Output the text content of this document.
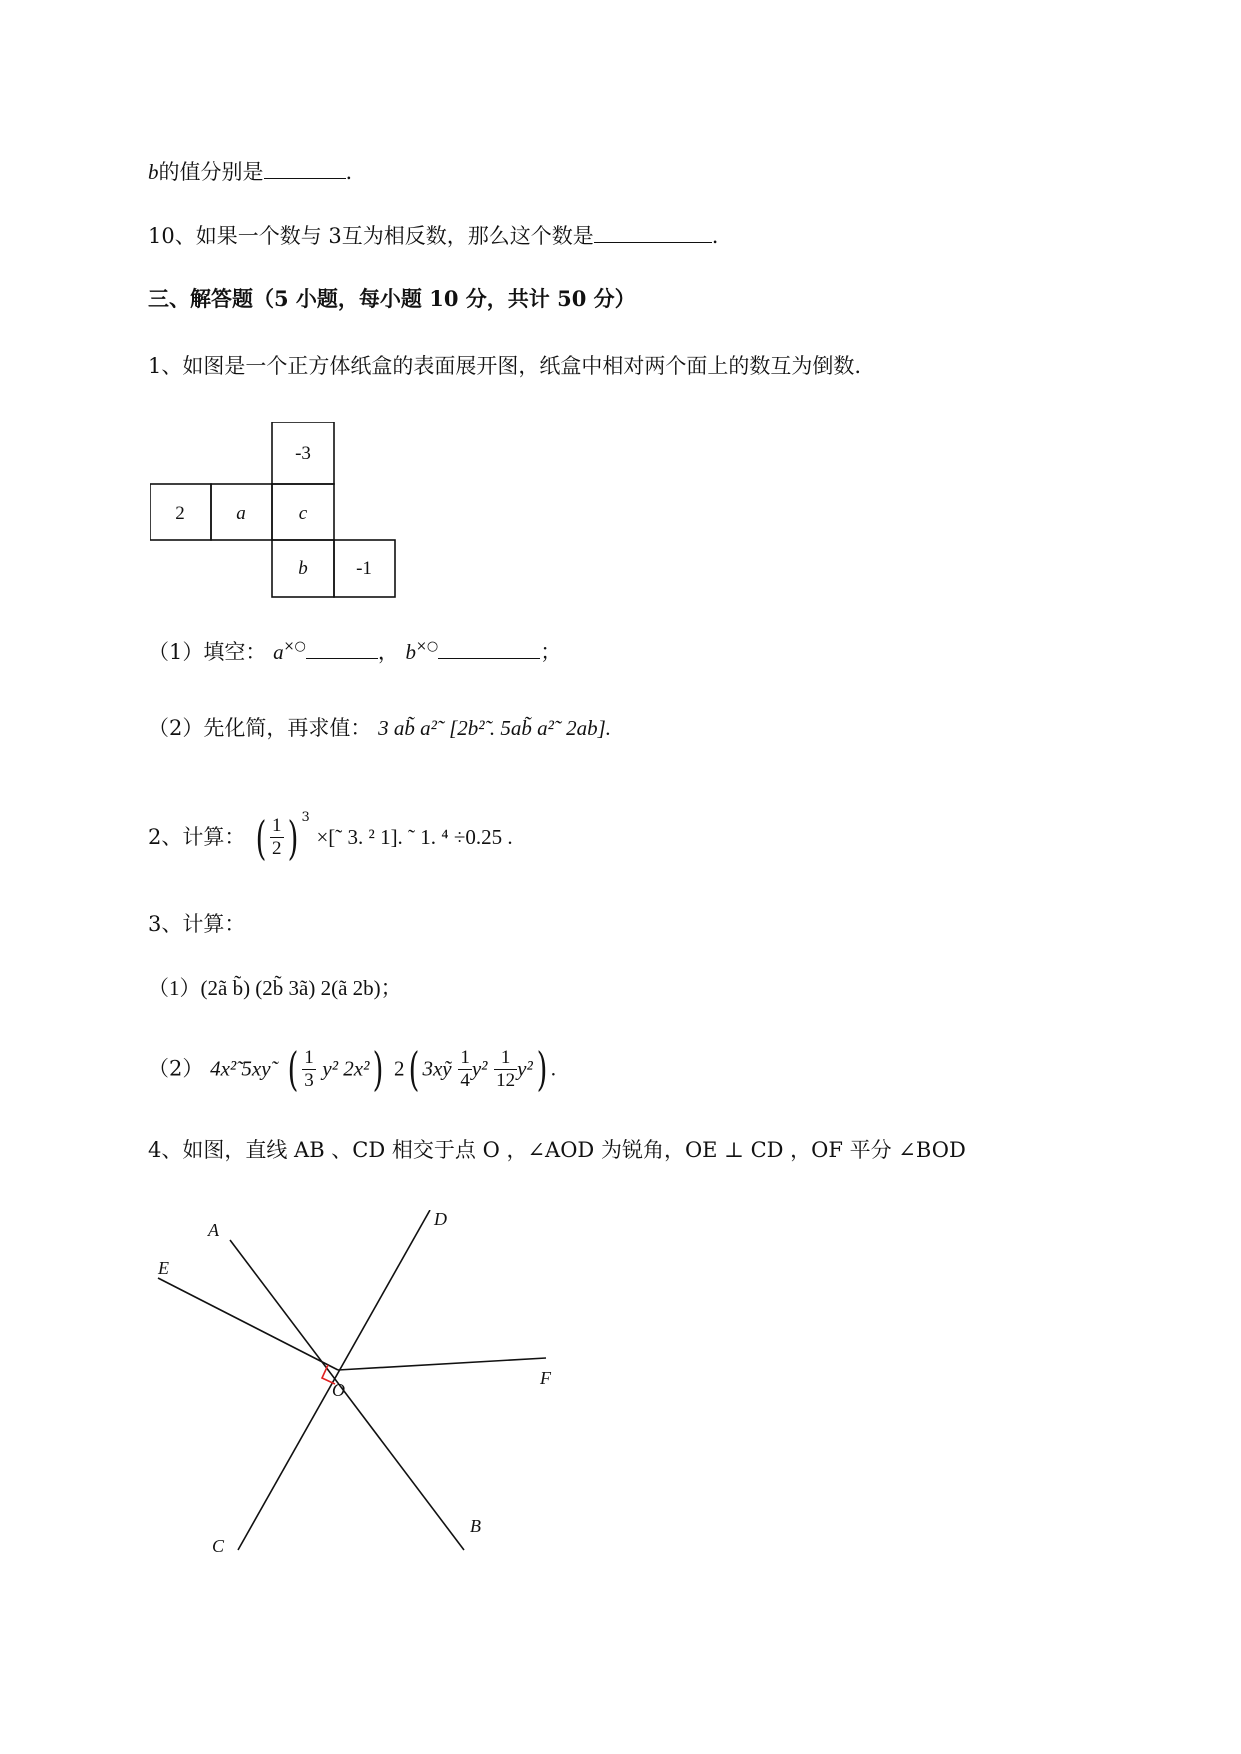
b的值分别是	.
10、如果一个数与 3互为相反数，那么这个数是	.
三、解答题（5 小题，每小题 10 分，共计 50 分）
1、如图是一个正方体纸盒的表面展开图，纸盒中相对两个面上的数互为倒数.
-3
2	a	c
b	-1
（1）填空： a×○	， b×○	；
（2）先化简，再求值： 3 ab̃ a²˜ [2b²̃ . 5ab̃ a²˜ 2ab].
2、计算： ( $\frac{1}{2}$ ) $^3$ ×[˜ 3. ² 1]. ˜ 1. ⁴ ÷0.25 .
3、计算：
（1）(2ã b̃) (2b̃ 3ã) 2(ã 2b)；
（2） 4x²̃ 5xy˜ ( $\frac{1}{3} y^2$ 2x²) 2( 3xỹ $\frac{1}{4} y^2 \frac{1}{12} y^2$) .
4、如图，直线 AB 、CD 相交于点 O ，∠AOD 为锐角，OE ⊥ CD ，OF 平分 ∠BOD
A
E
D
F
O
C
B
